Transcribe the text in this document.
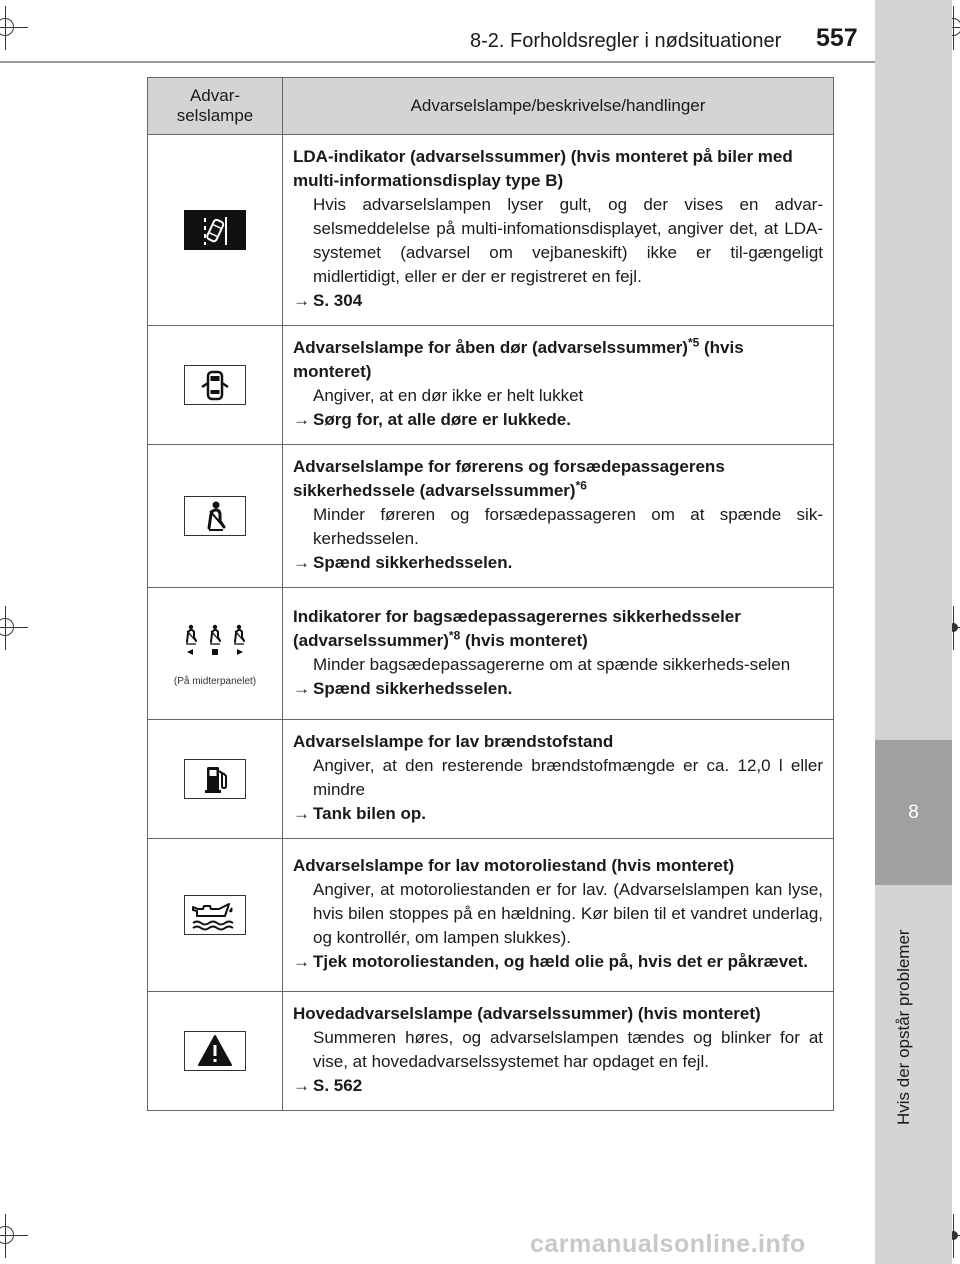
8-2. Forholdsregler i nødsituationer 557
8
Hvis der opstår problemer
Advar-
selslampe	Advarselslampe/beskrivelse/handlinger

LDA-indikator (advarselssummer) (hvis monteret på biler med multi-informationsdisplay type B)
Hvis advarselslampen lyser gult, og der vises en advar-selsmeddelelse på multi-infomationsdisplayet, angiver det, at LDA-systemet (advarsel om vejbaneskift) ikke er til-gængeligt midlertidigt, eller er der er registreret en fejl.
→ S. 304

Advarselslampe for åben dør (advarselssummer)$^{*5}$ (hvis monteret)
Angiver, at en dør ikke er helt lukket
→ Sørg for, at alle døre er lukkede.

Advarselslampe for førerens og forsædepassagerens sikkerhedssele (advarselssummer)$^{*6}$
Minder føreren og forsædepassageren om at spænde sik-kerhedsselen.
→ Spænd sikkerhedsselen.

(På midterpanelet)	Indikatorer for bagsædepassagerernes sikkerhedsseler (advarselssummer)$^{*8}$ (hvis monteret)
Minder bagsædepassagererne om at spænde sikkerheds-selen
→ Spænd sikkerhedsselen.

Advarselslampe for lav brændstofstand
Angiver, at den resterende brændstofmængde er ca. 12,0 l eller mindre
→ Tank bilen op.

Advarselslampe for lav motoroliestand (hvis monteret)
Angiver, at motoroliestanden er for lav. (Advarselslampen kan lyse, hvis bilen stoppes på en hældning. Kør bilen til et vandret underlag, og kontrollér, om lampen slukkes).
→ Tjek motoroliestanden, og hæld olie på, hvis det er påkrævet.

Hovedadvarselslampe (advarselssummer) (hvis monteret)
Summeren høres, og advarselslampen tændes og blinker for at vise, at hovedadvarselssystemet har opdaget en fejl.
→ S. 562
carmanualsonline.info
